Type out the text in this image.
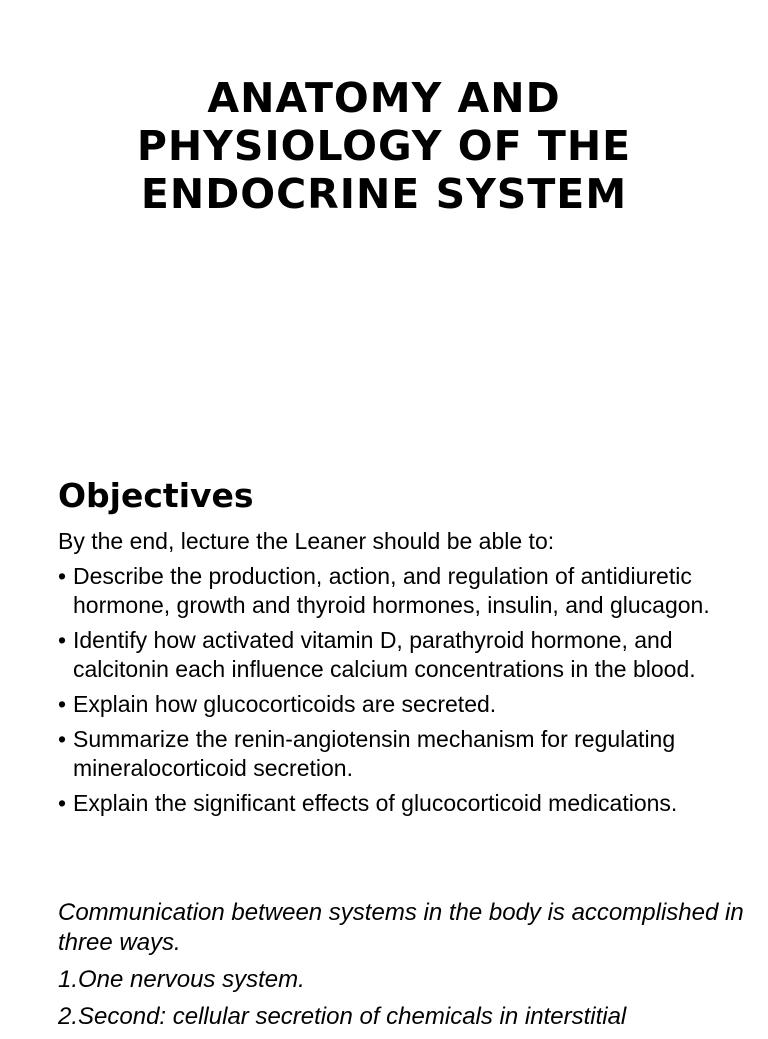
ANATOMY AND
PHYSIOLOGY OF THE
ENDOCRINE SYSTEM
Objectives
By the end, lecture the Leaner should be able to:
• Describe the production, action, and regulation of antidiuretic hormone, growth and thyroid hormones, insulin, and glucagon.
• Identify how activated vitamin D, parathyroid hormone, and calcitonin each influence calcium concentrations in the blood.
• Explain how glucocorticoids are secreted.
• Summarize the renin-angiotensin mechanism for regulating mineralocorticoid secretion.
• Explain the significant effects of glucocorticoid medications.

Communication between systems in the body is accomplished in three ways.

1.One nervous system.

2.Second: cellular secretion of chemicals in interstitial
